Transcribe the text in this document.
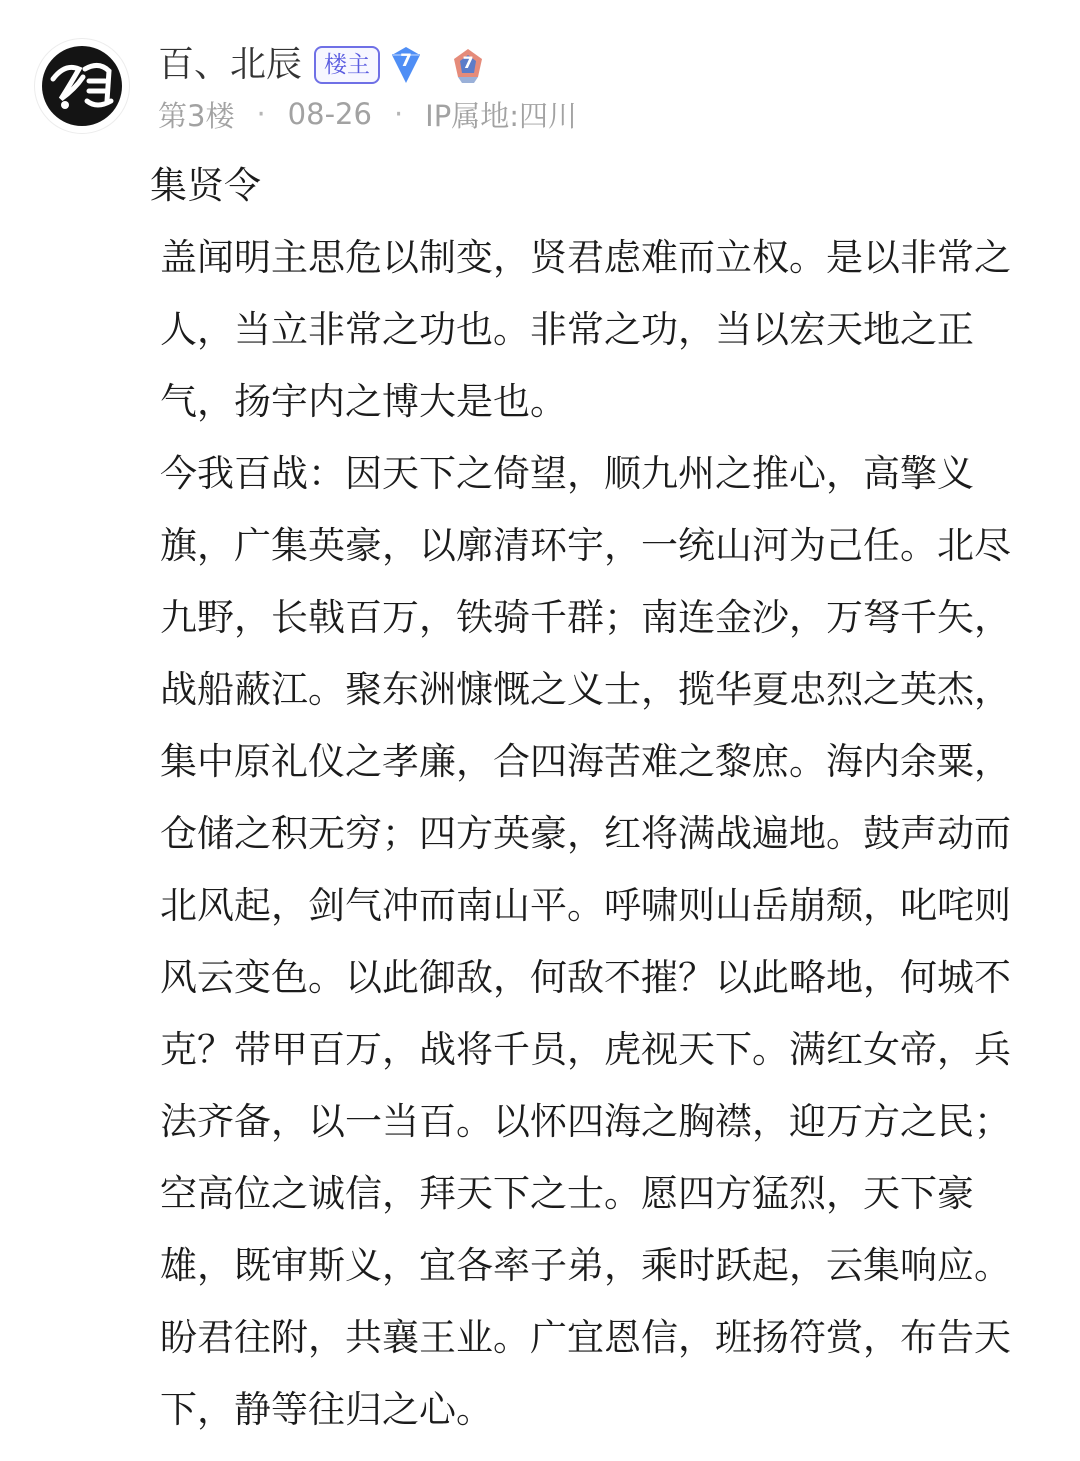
百、北辰 楼主	7	7
第3楼 · 08-26 · IP属地:四川
集贤令

盖闻明主思危以制变，贤君虑难而立权。是以非常之人，当立非常之功也。非常之功，当以宏天地之正气，扬宇内之博大是也。

今我百战：因天下之倚望，顺九州之推心，高擎义旗，广集英豪，以廓清环宇，一统山河为己任。北尽九野，长戟百万，铁骑千群；南连金沙，万弩千矢，战船蔽江。聚东洲慷慨之义士，揽华夏忠烈之英杰，集中原礼仪之孝廉，合四海苦难之黎庶。海内余粟，仓储之积无穷；四方英豪，红将满战遍地。鼓声动而北风起，剑气冲而南山平。呼啸则山岳崩颓，叱咤则风云变色。以此御敌，何敌不摧？以此略地，何城不克？带甲百万，战将千员，虎视天下。满红女帝，兵法齐备，以一当百。以怀四海之胸襟，迎万方之民；空高位之诚信，拜天下之士。愿四方猛烈，天下豪雄，既审斯义，宜各率子弟，乘时跃起，云集响应。盼君往附，共襄王业。广宜恩信，班扬符赏，布告天下，静等往归之心。
